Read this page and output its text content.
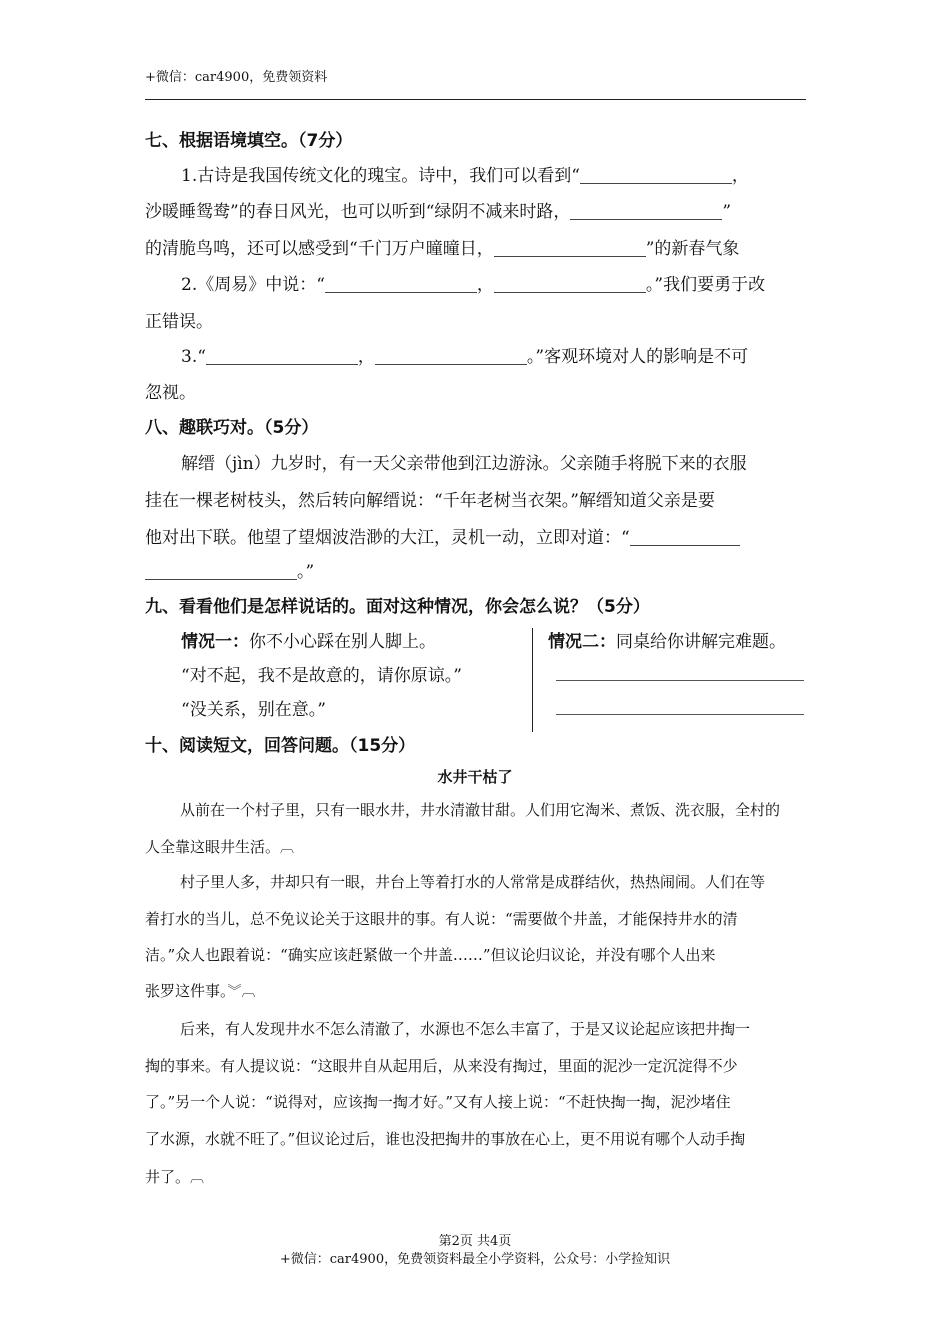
+微信：car4900，免费领资料
七、根据语境填空。（7分）
1.古诗是我国传统文化的瑰宝。诗中，我们可以看到“	，
沙暖睡鸳鸯”的春日风光，也可以听到“绿阴不减来时路，	”
的清脆鸟鸣，还可以感受到“千门万户曈曈日，	”的新春气象
2.《周易》中说：“	，	。”我们要勇于改
正错误。
3.“	，	。”客观环境对人的影响是不可
忽视。
八、趣联巧对。（5分）
解缙（jìn）九岁时，有一天父亲带他到江边游泳。父亲随手将脱下来的衣服
挂在一棵老树枝头，然后转向解缙说：“千年老树当衣架。”解缙知道父亲是要
他对出下联。他望了望烟波浩渺的大江，灵机一动，立即对道：“
。”
九、看看他们是怎样说话的。面对这种情况，你会怎么说？（5分）
情况一：你不小心踩在别人脚上。
“对不起，我不是故意的，请你原谅。”
“没关系，别在意。”
情况二：同桌给你讲解完难题。
十、阅读短文，回答问题。（15分）
水井干枯了
从前在一个村子里，只有一眼水井，井水清澈甘甜。人们用它淘米、煮饭、洗衣服，全村的
人全靠这眼井生活。︹
村子里人多，井却只有一眼，井台上等着打水的人常常是成群结伙，热热闹闹。人们在等
着打水的当儿，总不免议论关于这眼井的事。有人说：“需要做个井盖，才能保持井水的清
洁。”众人也跟着说：“确实应该赶紧做一个井盖……”但议论归议论，并没有哪个人出来
张罗这件事。︾︹
后来，有人发现井水不怎么清澈了，水源也不怎么丰富了，于是又议论起应该把井掏一
掏的事来。有人提议说：“这眼井自从起用后，从来没有掏过，里面的泥沙一定沉淀得不少
了。”另一个人说：“说得对，应该掏一掏才好。”又有人接上说：“不赶快掏一掏，泥沙堵住
了水源，水就不旺了。”但议论过后，谁也没把掏井的事放在心上，更不用说有哪个人动手掏
井了。︹
第2页 共4页
+微信：car4900，免费领资料最全小学资料，公众号：小学捡知识
